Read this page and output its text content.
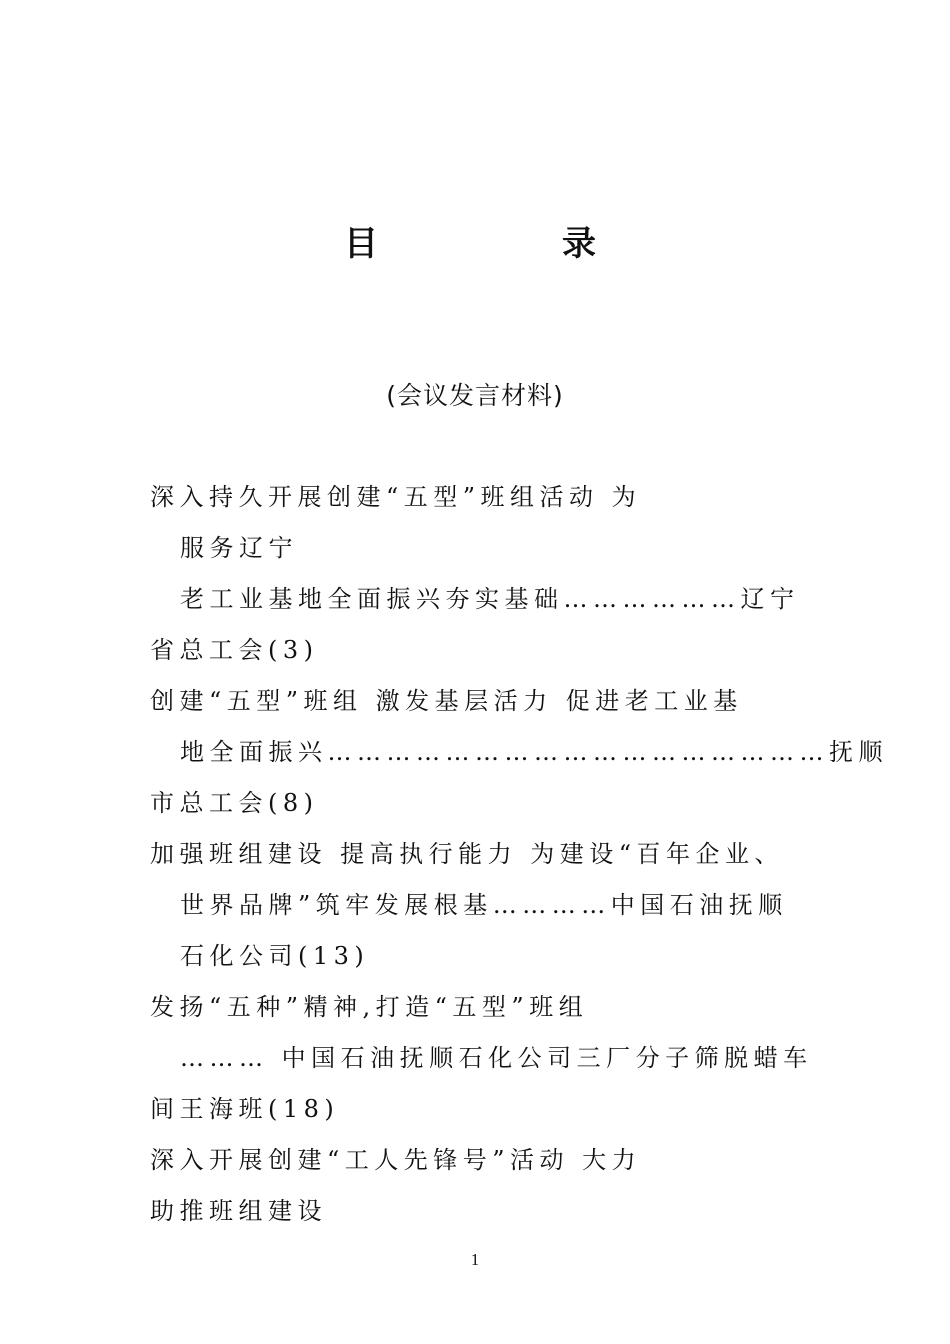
目	录
(会议发言材料)
深入持久开展创建“五型”班组活动 为
服务辽宁
老工业基地全面振兴夯实基础………………辽宁
省总工会(3)
创建“五型”班组 激发基层活力 促进老工业基
地全面振兴……………………………………………抚顺
市总工会(8)
加强班组建设 提高执行能力 为建设“百年企业、
世界品牌”筑牢发展根基…………中国石油抚顺
石化公司(13)
发扬“五种”精神,打造“五型”班组
……… 中国石油抚顺石化公司三厂分子筛脱蜡车
间王海班(18)
深入开展创建“工人先锋号”活动 大力
助推班组建设
1
